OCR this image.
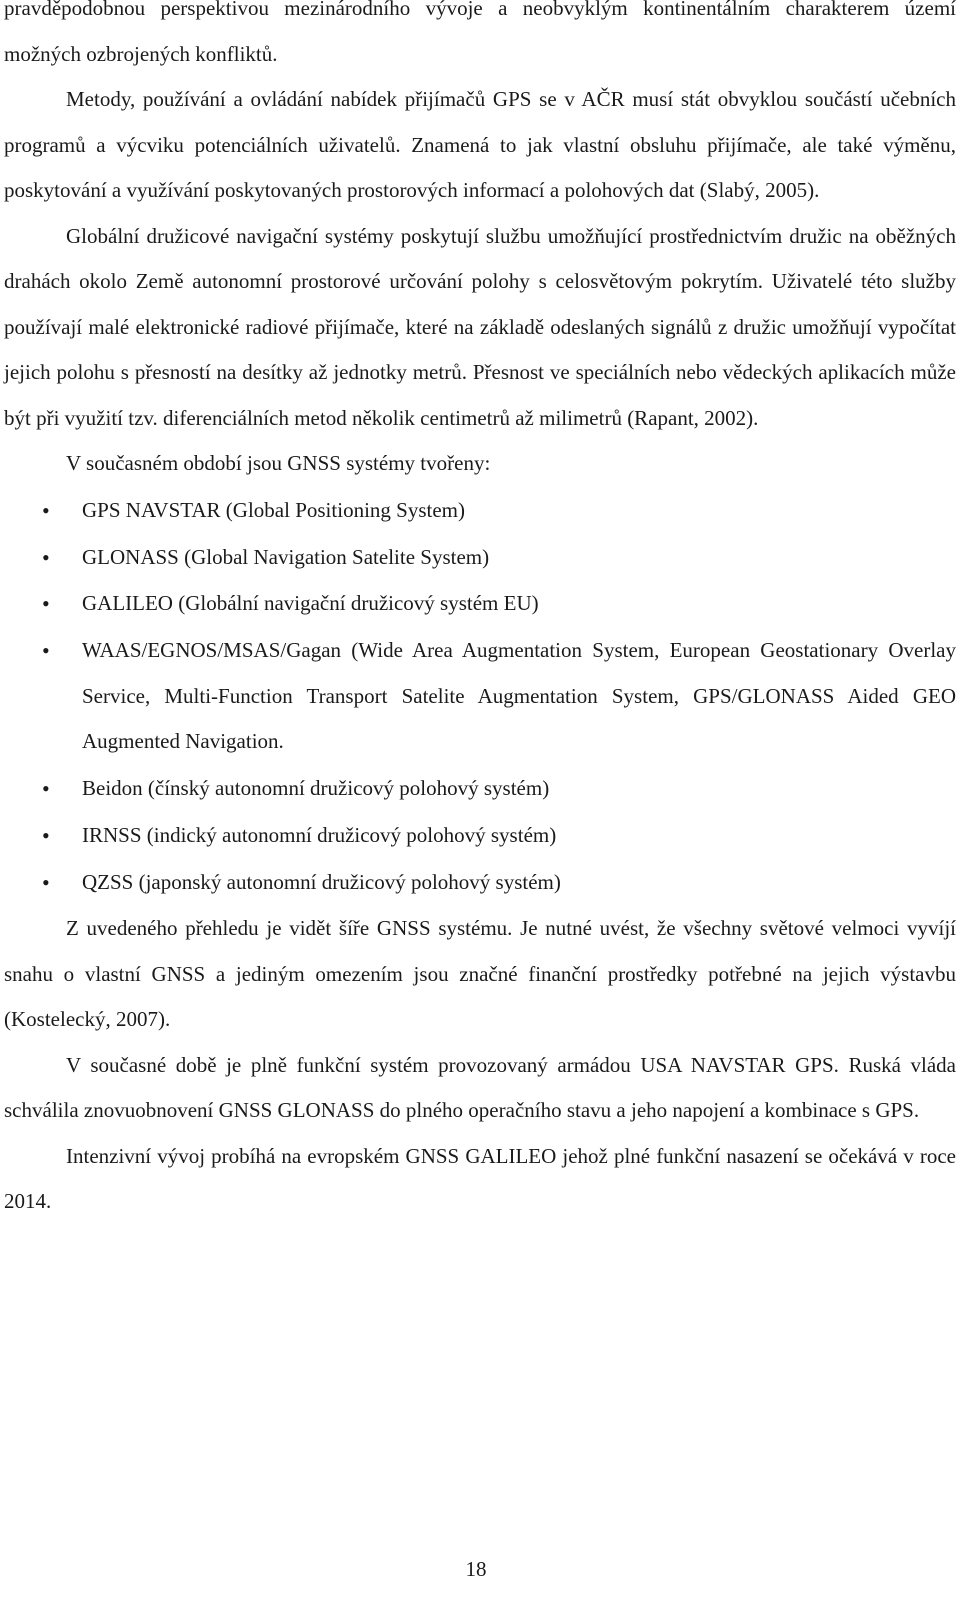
pravděpodobnou perspektivou mezinárodního vývoje a neobvyklým kontinentálním charakterem území možných ozbrojených konfliktů.

Metody, používání a ovládání nabídek přijímačů GPS se v AČR musí stát obvyklou součástí učebních programů a výcviku potenciálních uživatelů. Znamená to jak vlastní obsluhu přijímače, ale také výměnu, poskytování a využívání poskytovaných prostorových informací a polohových dat (Slabý, 2005).

Globální družicové navigační systémy poskytují službu umožňující prostřednictvím družic na oběžných drahách okolo Země autonomní prostorové určování polohy s celosvětovým pokrytím. Uživatelé této služby používají malé elektronické radiové přijímače, které na základě odeslaných signálů z družic umožňují vypočítat jejich polohu s přesností na desítky až jednotky metrů. Přesnost ve speciálních nebo vědeckých aplikacích může být při využití tzv. diferenciálních metod několik centimetrů až milimetrů (Rapant, 2002).

V současném období jsou GNSS systémy tvořeny:

• GPS NAVSTAR (Global Positioning System)
• GLONASS (Global Navigation Satelite System)
• GALILEO (Globální navigační družicový systém EU)
• WAAS/EGNOS/MSAS/Gagan (Wide Area Augmentation System, European Geostationary Overlay Service, Multi-Function Transport Satelite Augmentation System, GPS/GLONASS Aided GEO Augmented Navigation.
• Beidon (čínský autonomní družicový polohový systém)
• IRNSS (indický autonomní družicový polohový systém)
• QZSS (japonský autonomní družicový polohový systém)

Z uvedeného přehledu je vidět šíře GNSS systému. Je nutné uvést, že všechny světové velmoci vyvíjí snahu o vlastní GNSS a jediným omezením jsou značné finanční prostředky potřebné na jejich výstavbu (Kostelecký, 2007).

V současné době je plně funkční systém provozovaný armádou USA NAVSTAR GPS. Ruská vláda schválila znovuobnovení GNSS GLONASS do plného operačního stavu a jeho napojení a kombinace s GPS.

Intenzivní vývoj probíhá na evropském GNSS GALILEO jehož plné funkční nasazení se očekává v roce 2014.

18
